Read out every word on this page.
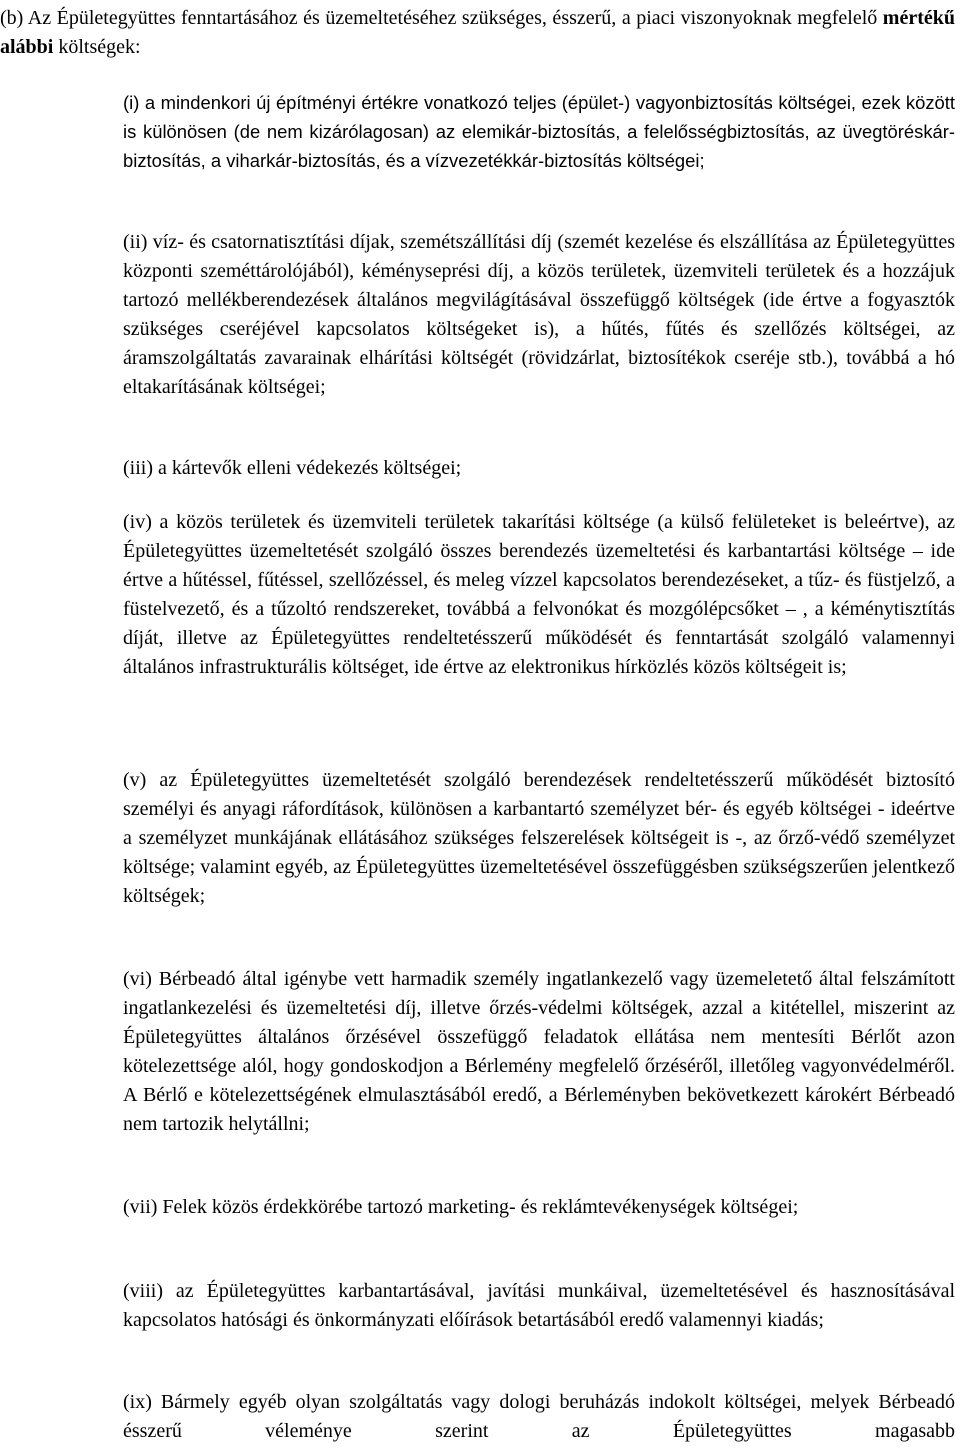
(b) Az Épületegyüttes fenntartásához és üzemeltetéséhez szükséges, ésszerű, a piaci viszonyoknak megfelelő mértékű alábbi költségek:

(i) a mindenkori új építményi értékre vonatkozó teljes (épület-) vagyonbiztosítás költségei, ezek között is különösen (de nem kizárólagosan) az elemikár-biztosítás, a felelősségbiztosítás, az üvegtöréskár-biztosítás, a viharkár-biztosítás, és a vízvezetékkár-biztosítás költségei;

(ii) víz- és csatornatisztítási díjak, szemétszállítási díj (szemét kezelése és elszállítása az Épületegyüttes központi szeméttárolójából), kéményseprési díj, a közös területek, üzemviteli területek és a hozzájuk tartozó mellékberendezések általános megvilágításával összefüggő költségek (ide értve a fogyasztók szükséges cseréjével kapcsolatos költségeket is), a hűtés, fűtés és szellőzés költségei, az áramszolgáltatás zavarainak elhárítási költségét (rövidzárlat, biztosítékok cseréje stb.), továbbá a hó eltakarításának költségei;

(iii) a kártevők elleni védekezés költségei;

(iv) a közös területek és üzemviteli területek takarítási költsége (a külső felületeket is beleértve), az Épületegyüttes üzemeltetését szolgáló összes berendezés üzemeltetési és karbantartási költsége – ide értve a hűtéssel, fűtéssel, szellőzéssel, és meleg vízzel kapcsolatos berendezéseket, a tűz- és füstjelző, a füstelvezető, és a tűzoltó rendszereket, továbbá a felvonókat és mozgólépcsőket – , a kéménytisztítás díját, illetve az Épületegyüttes rendeltetésszerű működését és fenntartását szolgáló valamennyi általános infrastrukturális költséget, ide értve az elektronikus hírközlés közös költségeit is;

(v) az Épületegyüttes üzemeltetését szolgáló berendezések rendeltetésszerű működését biztosító személyi és anyagi ráfordítások, különösen a karbantartó személyzet bér- és egyéb költségei - ideértve a személyzet munkájának ellátásához szükséges felszerelések költségeit is -, az őrző-védő személyzet költsége; valamint egyéb, az Épületegyüttes üzemeltetésével összefüggésben szükségszerűen jelentkező költségek;

(vi) Bérbeadó által igénybe vett harmadik személy ingatlankezelő vagy üzemeletető által felszámított ingatlankezelési és üzemeltetési díj, illetve őrzés-védelmi költségek, azzal a kitétellel, miszerint az Épületegyüttes általános őrzésével összefüggő feladatok ellátása nem mentesíti Bérlőt azon kötelezettsége alól, hogy gondoskodjon a Bérlemény megfelelő őrzéséről, illetőleg vagyonvédelméről. A Bérlő e kötelezettségének elmulasztásából eredő, a Bérleményben bekövetkezett károkért Bérbeadó nem tartozik helytállni;

(vii) Felek közös érdekkörébe tartozó marketing- és reklámtevékenységek költségei;

(viii) az Épületegyüttes karbantartásával, javítási munkáival, üzemeltetésével és hasznosításával kapcsolatos hatósági és önkormányzati előírások betartásából eredő valamennyi kiadás;

(ix) Bármely egyéb olyan szolgáltatás vagy dologi beruházás indokolt költségei, melyek Bérbeadó ésszerű véleménye szerint az Épületegyüttes magasabb
